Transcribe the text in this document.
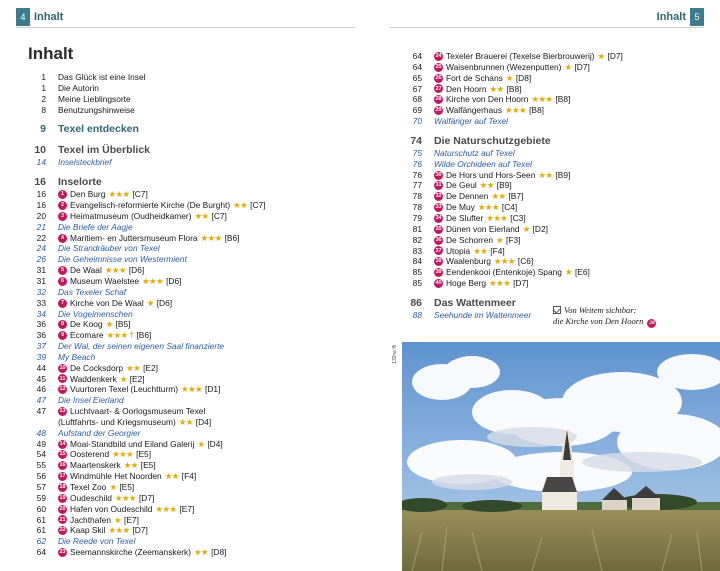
4 Inhalt	Inhalt 5
Inhalt
1 Das Glück ist eine Insel
1 Die Autorin
2 Meine Lieblingsorte
8 Benutzungshinweise
9 Texel entdecken
10 Texel im Überblick
14 Inselsteckbrief
16 Inselorte
16	1 Den Burg ★★★ [C7]
16	2 Evangelisch-reformierte Kirche (De Burght) ★★ [C7]
20	3 Heimatmuseum (Oudheidkamer) ★★ [C7]
21 Die Briefe der Aagje
22	4 Maritiem- en Juttersmuseum Flora ★★★ [B6]
24 Die Strandräuber von Texel
26 Die Geheimnisse von Westermient
31	5 De Waal ★★★ [D6]
31	6 Museum Waelstee ★★★ [D6]
32 Das Texeler Schaf
33	7 Kirche von De Waal ★ [D6]
34 Die Vogelmenschen
36	8 De Koog ★ [B5]
36	9 Ecomare ★★★ ☨ [B6]
37 Der Wal, der seinen eigenen Saal finanzierte
39 My Beach
44 10 De Cocksdorp ★★ [E2]
45 11 Waddenkerk ★ [E2]
46 12 Vuurtoren Texel (Leuchtturm) ★★★ [D1]
47 Die Insel Eierland
47 13 Luchtvaart- & Oorlogsmuseum Texel
(Luftfahrts- und Kriegsmuseum) ★★ [D4]
48 Aufstand der Georgier
49 14 Moai-Standbild und Eiland Galerij ★ [D4]
54 15 Oosterend ★★★ [E5]
55 16 Maartenskerk ★★ [E5]
56 17 Windmühle Het Noorden ★★ [F4]
57 18 Texel Zoo ★ [E5]
59 19 Oudeschild ★★★ [D7]
60 20 Hafen von Oudeschild ★★★ [E7]
61 21 Jachthafen ★ [E7]
61 22 Kaap Skil ★★★ [D7]
62 Die Reede von Texel
64 23 Seemannskirche (Zeemanskerk) ★★ [D8]
64 24 Texeler Brauerei (Texelse Bierbrouwerij) ★ [D7]
64 25 Waisenbrunnen (Wezenputten) ★ [D7]
65 26 Fort de Schans ★ [D8]
67 27 Den Hoorn ★★ [B8]
68 28 Kirche von Den Hoorn ★★★ [B8]
69 29 Walfängerhaus ★★★ [B8]
70 Walfänger auf Texel
74 Die Naturschutzgebiete
75 Naturschutz auf Texel
76 Wilde Orchideen auf Texel
76 30 De Hors und Hors-Seen ★★ [B9]
77 31 De Geul ★★ [B9]
78 32 De Dennen ★★ [B7]
78 33 De Muy ★★★ [C4]
79 34 De Slufter ★★★ [C3]
81 35 Dünen von Eierland ★ [D2]
82 36 De Schorren ★ [F3]
83 37 Utopia ★★ [F4]
84 38 Waalenburg ★★★ [C6]
85 39 Eendenkooi (Entenkoje) Spang ★ [E6]
85 40 Hoge Berg ★★★ [D7]
86 Das Wattenmeer
88 Seehunde im Wattenmeer	Von Weitem sichtbar:
die Kirche von Den Hoorn 28
132rw ffi
